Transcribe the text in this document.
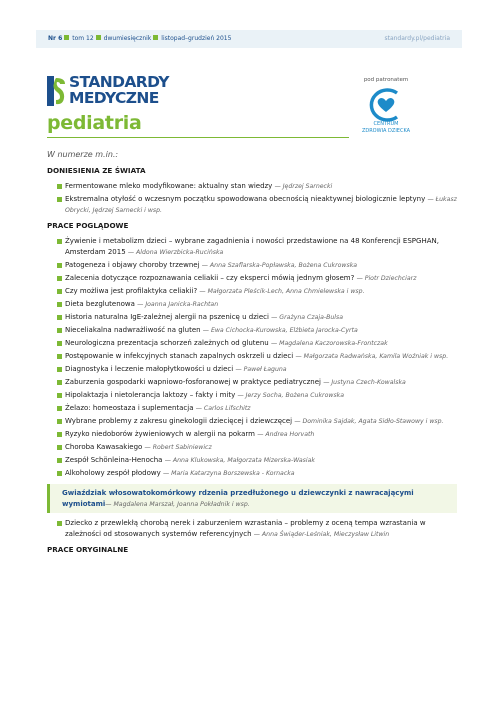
Nr 6 tom 12 dwumiesięcznik listopad–grudzień 2015	standardy.pl/pediatria
STANDARDY
MEDYCZNE
pediatria
pod patronatem
CENTRUM
ZDROWIA DZIECKA
W numerze m.in.:
DONIESIENIA ZE ŚWIATA
Fermentowane mleko modyfikowane: aktualny stan wiedzy — Jędrzej Sarnecki
Ekstremalna otyłość o wczesnym początku spowodowana obecnością nieaktywnej biologicznie leptyny — Łukasz Obrycki, Jędrzej Sarnecki i wsp.
PRACE POGLĄDOWE
Żywienie i metabolizm dzieci – wybrane zagadnienia i nowości przedstawione na 48 Konferencji ESPGHAN, Amsterdam 2015 — Aldona Wierzbicka-Rucińska
Patogeneza i objawy choroby trzewnej — Anna Szaflarska-Popławska, Bożena Cukrowska
Zalecenia dotyczące rozpoznawania celiakii – czy eksperci mówią jednym głosem? — Piotr Dziechciarz
Czy możliwa jest profilaktyka celiakii? — Małgorzata Pleścik-Lech, Anna Chmielewska i wsp.
Dieta bezglutenowa — Joanna Janicka-Rachtan
Historia naturalna IgE-zależnej alergii na pszenicę u dzieci — Grażyna Czaja-Bulsa
Nieceliakalna nadwrażliwość na gluten — Ewa Cichocka-Kurowska, Elżbieta Jarocka-Cyrta
Neurologiczna prezentacja schorzeń zależnych od glutenu — Magdalena Kaczorowska-Frontczak
Postępowanie w infekcyjnych stanach zapalnych oskrzeli u dzieci — Małgorzata Radwańska, Kamila Woźniak i wsp.
Diagnostyka i leczenie małopłytkowości u dzieci — Paweł Łaguna
Zaburzenia gospodarki wapniowo-fosforanowej w praktyce pediatrycznej — Justyna Czech-Kowalska
Hipolaktazja i nietolerancja laktozy – fakty i mity — Jerzy Socha, Bożena Cukrowska
Żelazo: homeostaza i suplementacja — Carlos Lifschitz
Wybrane problemy z zakresu ginekologii dziecięcej i dziewczęcej — Dominika Sajdak, Agata Sidło-Stawowy i wsp.
Ryzyko niedoborów żywieniowych w alergii na pokarm — Andrea Horvath
Choroba Kawasakiego — Robert Sabiniewicz
Zespół Schönleina-Henocha — Anna Klukowska, Małgorzata Mizerska-Wasiak
Alkoholowy zespół płodowy — Maria Katarzyna Borszewska - Kornacka
Gwiaździak włosowatokomórkowy rdzenia przedłużonego u dziewczynki z nawracającymi wymiotami— Magdalena Marszał, Joanna Pokładnik i wsp.
Dziecko z przewlekłą chorobą nerek i zaburzeniem wzrastania – problemy z oceną tempa wzrastania w zależności od stosowanych systemów referencyjnych — Anna Świąder-Leśniak, Mieczysław Litwin
PRACE ORYGINALNE
